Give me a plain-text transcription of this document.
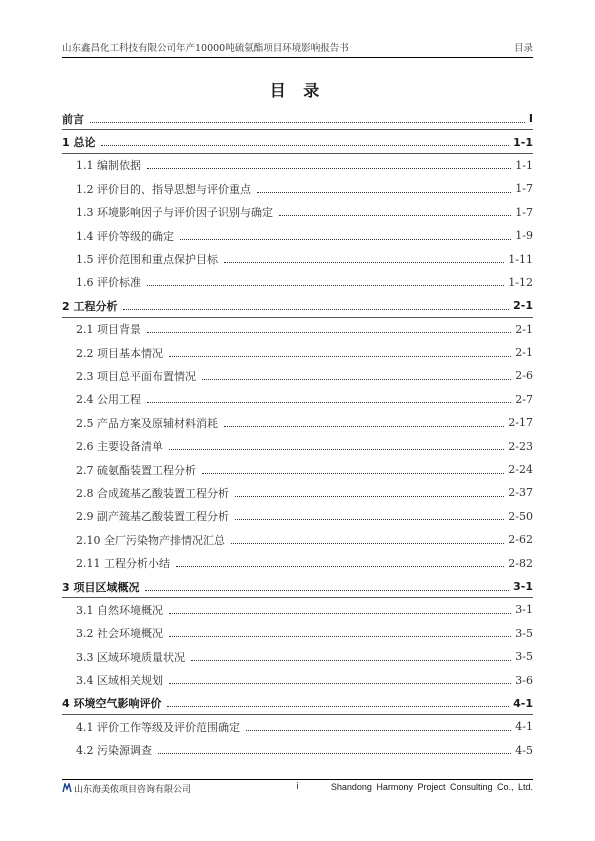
山东鑫昌化工科技有限公司年产10000吨硫氨酯项目环境影响报告书	目录
目 录
前言	I
1 总论	1-1
1.1 编制依据	1-1
1.2 评价目的、指导思想与评价重点	1-7
1.3 环境影响因子与评价因子识别与确定	1-7
1.4 评价等级的确定	1-9
1.5 评价范围和重点保护目标	1-11
1.6 评价标准	1-12
2 工程分析	2-1
2.1 项目背景	2-1
2.2 项目基本情况	2-1
2.3 项目总平面布置情况	2-6
2.4 公用工程	2-7
2.5 产品方案及原辅材料消耗	2-17
2.6 主要设备清单	2-23
2.7 硫氨酯装置工程分析	2-24
2.8 合成巯基乙酸装置工程分析	2-37
2.9 副产巯基乙酸装置工程分析	2-50
2.10 全厂污染物产排情况汇总	2-62
2.11 工程分析小结	2-82
3 项目区域概况	3-1
3.1 自然环境概况	3-1
3.2 社会环境概况	3-5
3.3 区域环境质量状况	3-5
3.4 区域相关规划	3-6
4 环境空气影响评价	4-1
4.1 评价工作等级及评价范围确定	4-1
4.2 污染源调查	4-5
山东海美侬项目咨询有限公司	i	Shandong Harmony Project Consulting Co., Ltd.
